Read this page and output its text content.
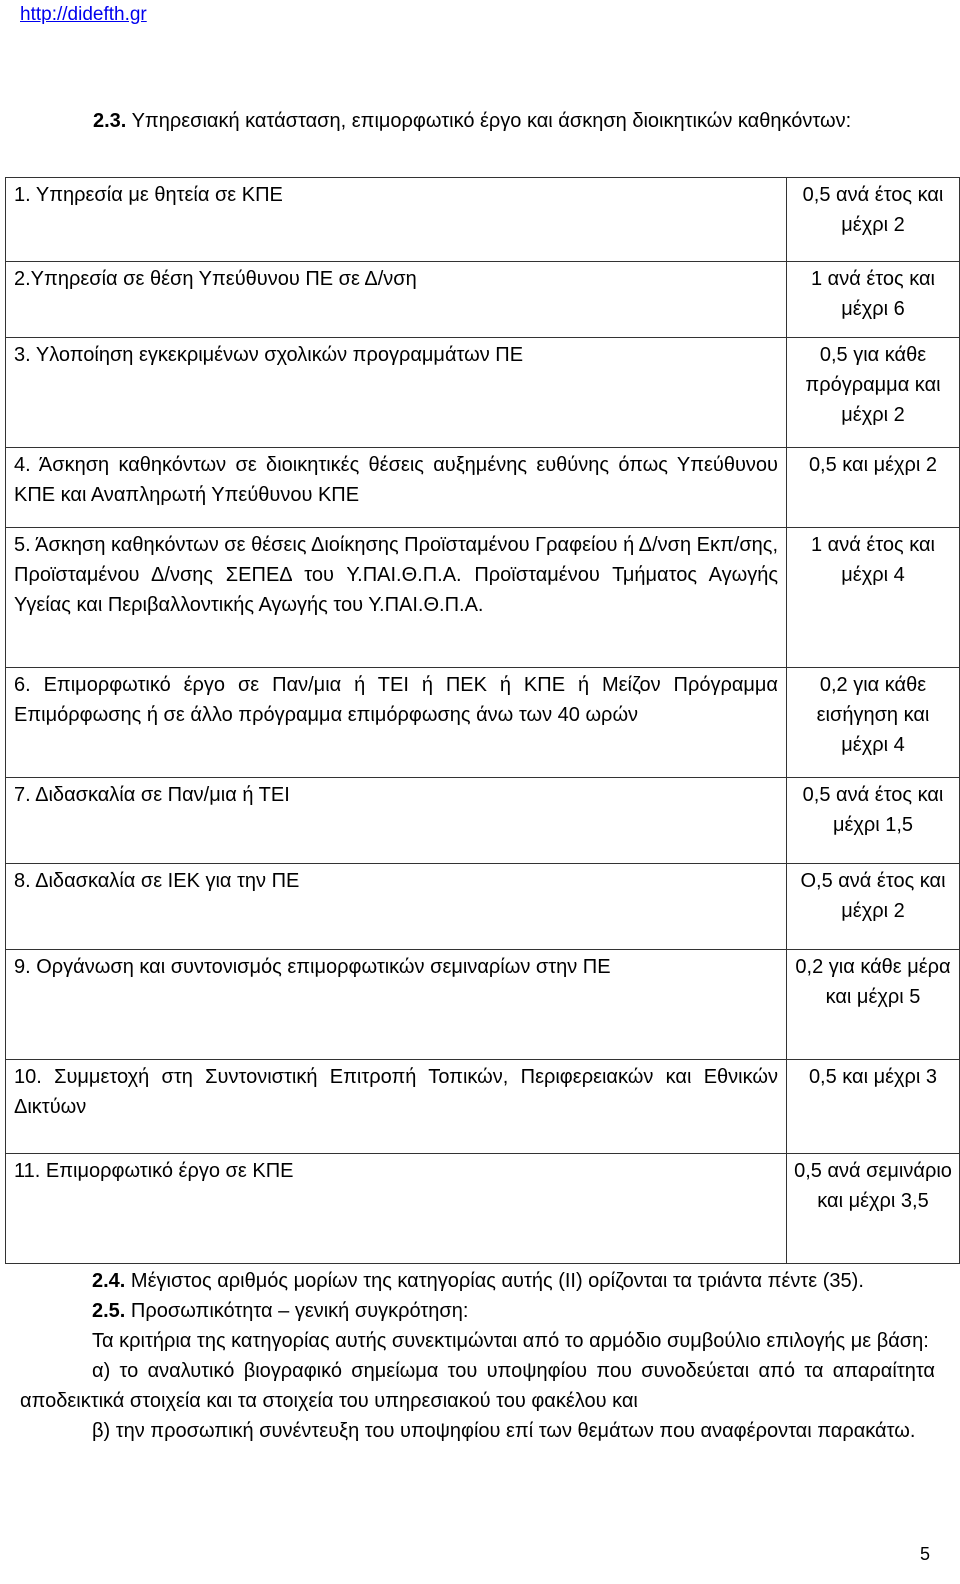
http://didefth.gr
2.3. Υπηρεσιακή κατάσταση, επιμορφωτικό έργο και άσκηση διοικητικών καθηκόντων:
1. Υπηρεσία με θητεία σε ΚΠΕ	0,5 ανά έτος και μέχρι 2
2.Υπηρεσία σε θέση Υπεύθυνου ΠΕ σε Δ/νση	1 ανά έτος και μέχρι 6
3. Υλοποίηση εγκεκριμένων σχολικών προγραμμάτων ΠΕ	0,5 για κάθε πρόγραμμα και μέχρι 2
4. Άσκηση καθηκόντων σε διοικητικές θέσεις αυξημένης ευθύνης όπως Υπεύθυνου ΚΠΕ και Αναπληρωτή Υπεύθυνου ΚΠΕ	0,5 και μέχρι 2
5. Άσκηση καθηκόντων σε θέσεις Διοίκησης Προϊσταμένου Γραφείου ή Δ/νση Εκπ/σης, Προϊσταμένου Δ/νσης ΣΕΠΕΔ του Υ.ΠΑΙ.Θ.Π.Α. Προϊσταμένου Τμήματος Αγωγής Υγείας και Περιβαλλοντικής Αγωγής του Υ.ΠΑΙ.Θ.Π.Α.	1 ανά έτος και μέχρι 4
6. Επιμορφωτικό έργο σε Παν/μια ή ΤΕΙ ή ΠΕΚ ή ΚΠΕ ή Μείζον Πρόγραμμα Επιμόρφωσης ή σε άλλο πρόγραμμα επιμόρφωσης άνω των 40 ωρών	0,2 για κάθε εισήγηση και μέχρι 4
7. Διδασκαλία σε Παν/μια ή ΤΕΙ	0,5 ανά έτος και μέχρι 1,5
8. Διδασκαλία σε ΙΕΚ για την ΠΕ	Ο,5 ανά έτος και μέχρι 2
9. Οργάνωση και συντονισμός επιμορφωτικών σεμιναρίων στην ΠΕ	0,2 για κάθε μέρα και μέχρι 5
10. Συμμετοχή στη Συντονιστική Επιτροπή Τοπικών, Περιφερειακών και Εθνικών Δικτύων	0,5 και μέχρι 3
11. Επιμορφωτικό έργο σε ΚΠΕ	0,5 ανά σεμινάριο και μέχρι 3,5

2.4. Μέγιστος αριθμός μορίων της κατηγορίας αυτής (ΙΙ) ορίζονται τα τριάντα πέντε (35).

2.5. Προσωπικότητα – γενική συγκρότηση:

Τα κριτήρια της κατηγορίας αυτής συνεκτιμώνται από το αρμόδιο συμβούλιο επιλογής με βάση:

α) το αναλυτικό βιογραφικό σημείωμα του υποψηφίου που συνοδεύεται από τα απαραίτητα αποδεικτικά στοιχεία και τα στοιχεία του υπηρεσιακού του φακέλου και

β) την προσωπική συνέντευξη του υποψηφίου επί των θεμάτων που αναφέρονται παρακάτω.

5
